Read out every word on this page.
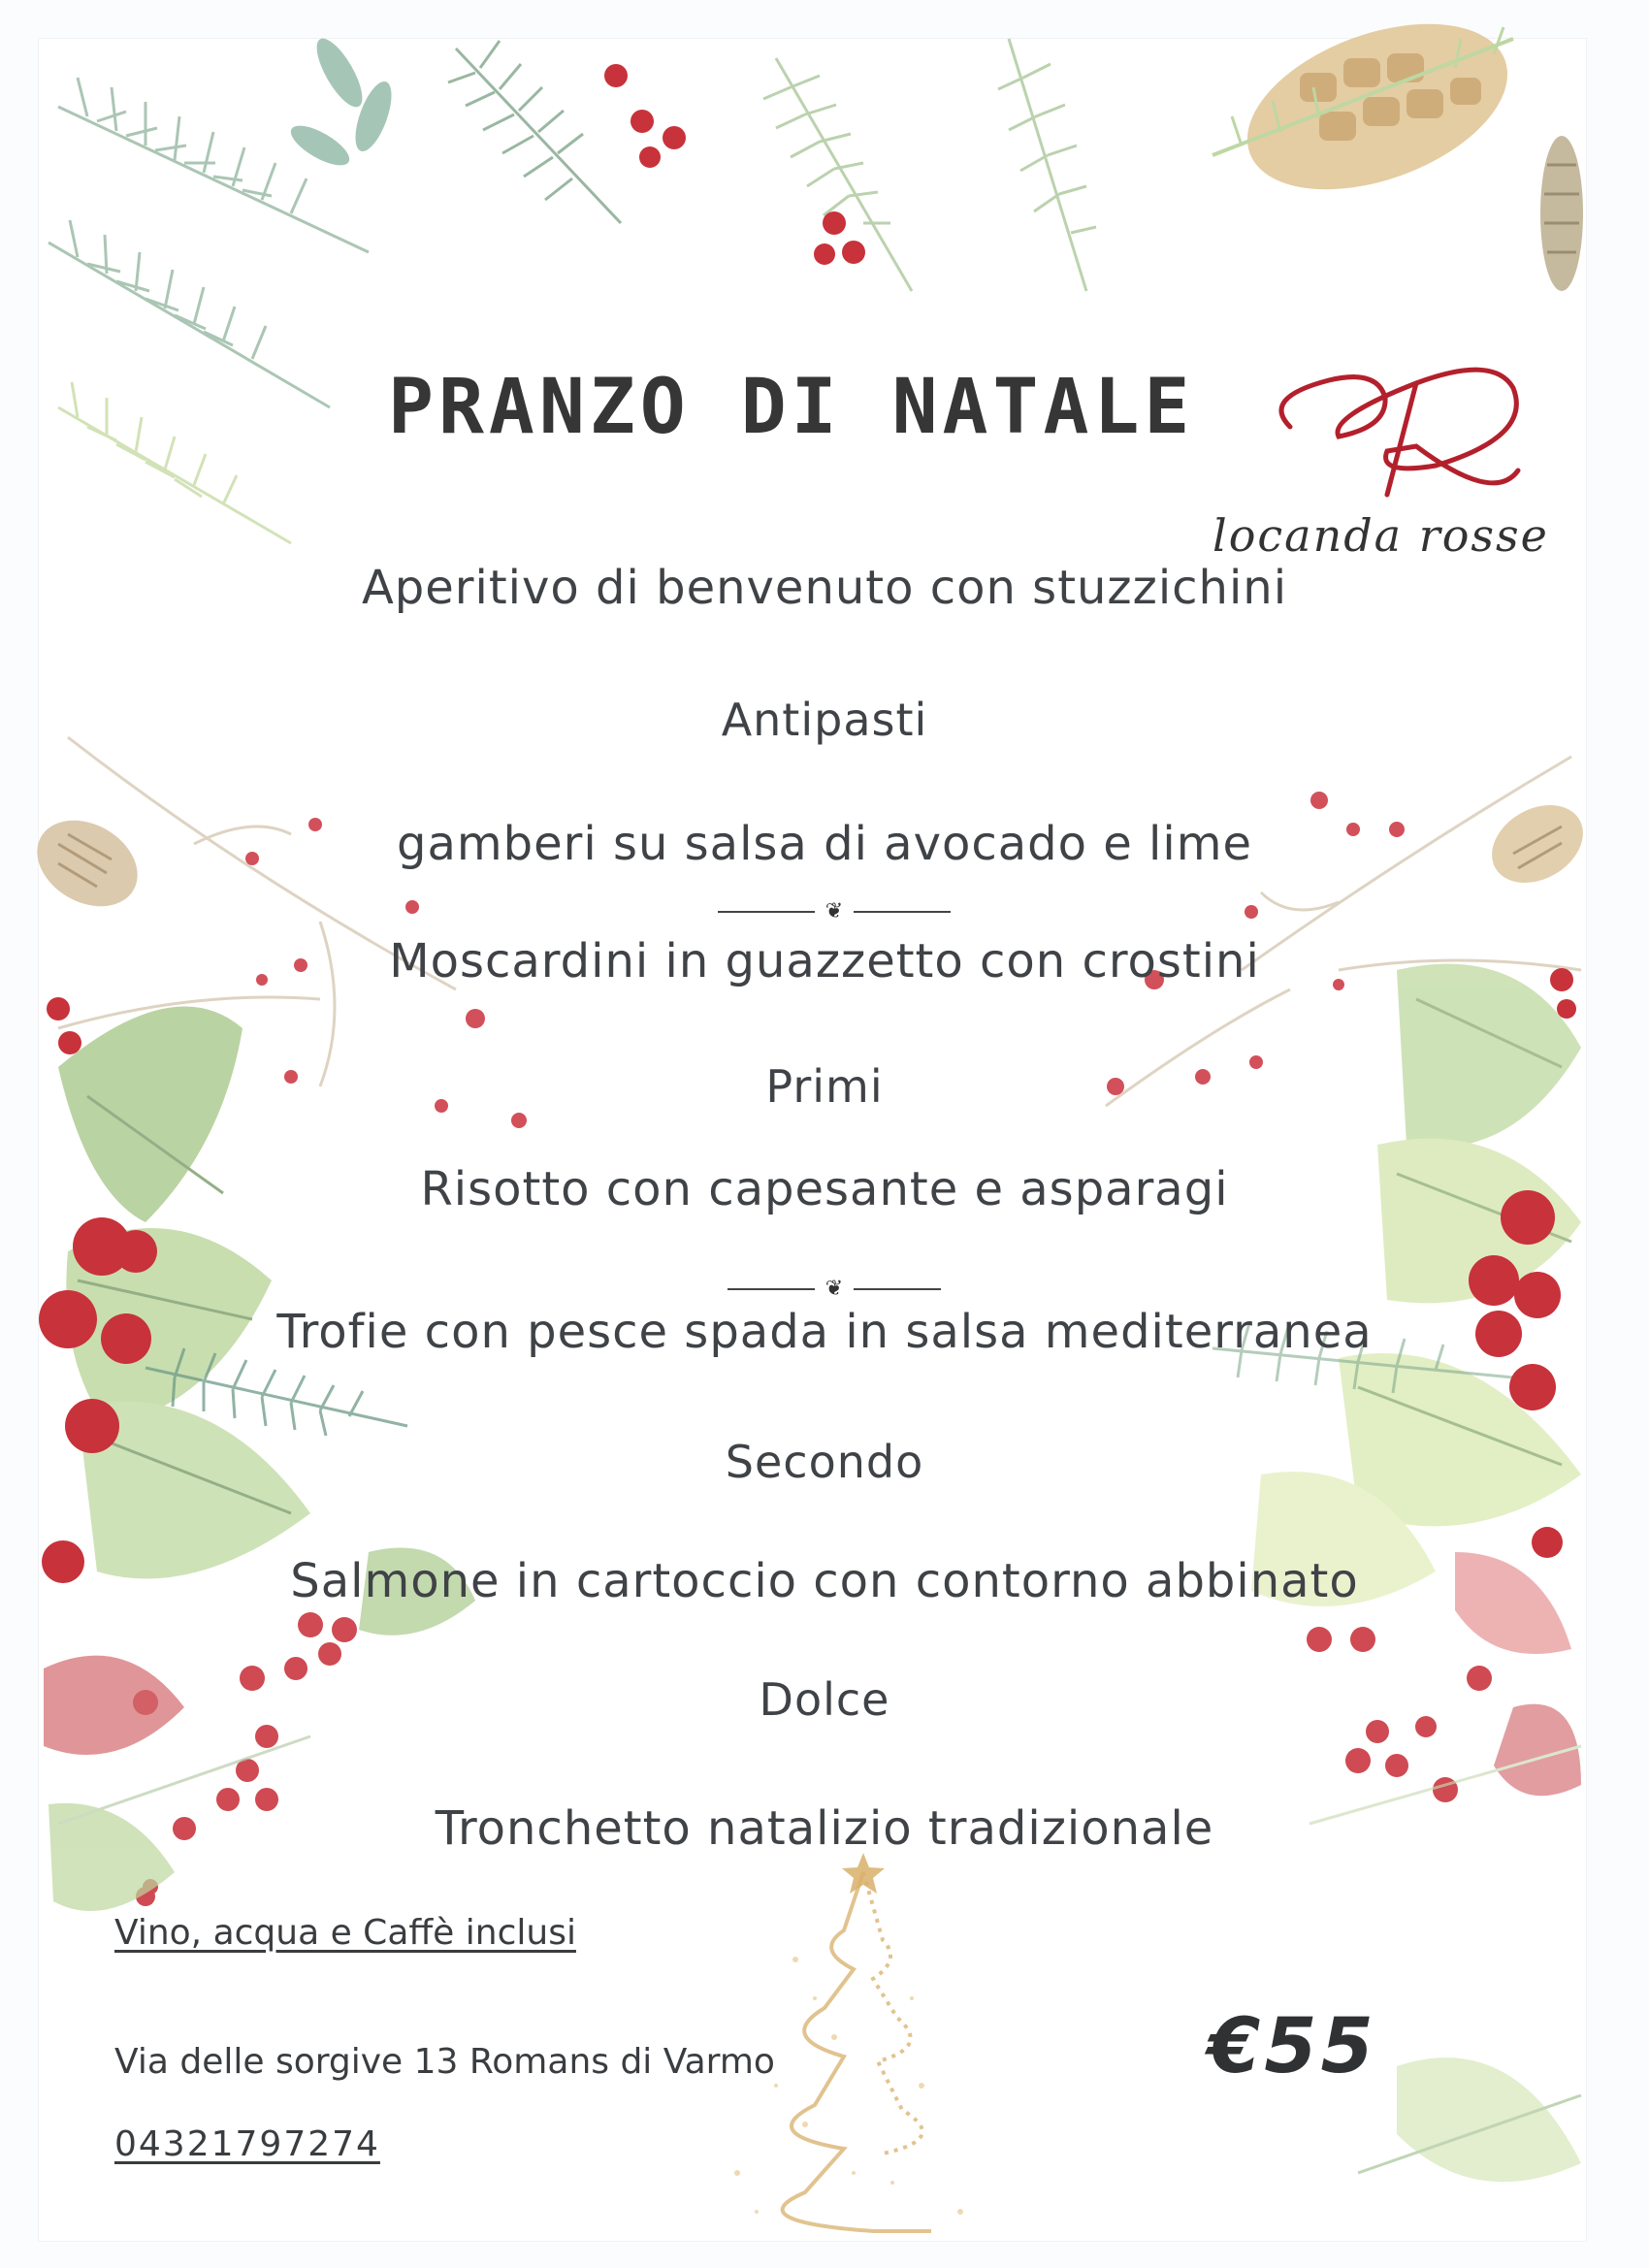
PRANZO DI NATALE
locanda rosse
Aperitivo di benvenuto con stuzzichini
Antipasti
gamberi su salsa di avocado e lime
❦
Moscardini in guazzetto con crostini
Primi
Risotto con capesante e asparagi
❦
Trofie con pesce spada in salsa mediterranea
Secondo
Salmone in cartoccio con contorno abbinato
Dolce
Tronchetto natalizio tradizionale
Vino, acqua e Caffè inclusi
Via delle sorgive 13 Romans di Varmo
04321797274
€55
